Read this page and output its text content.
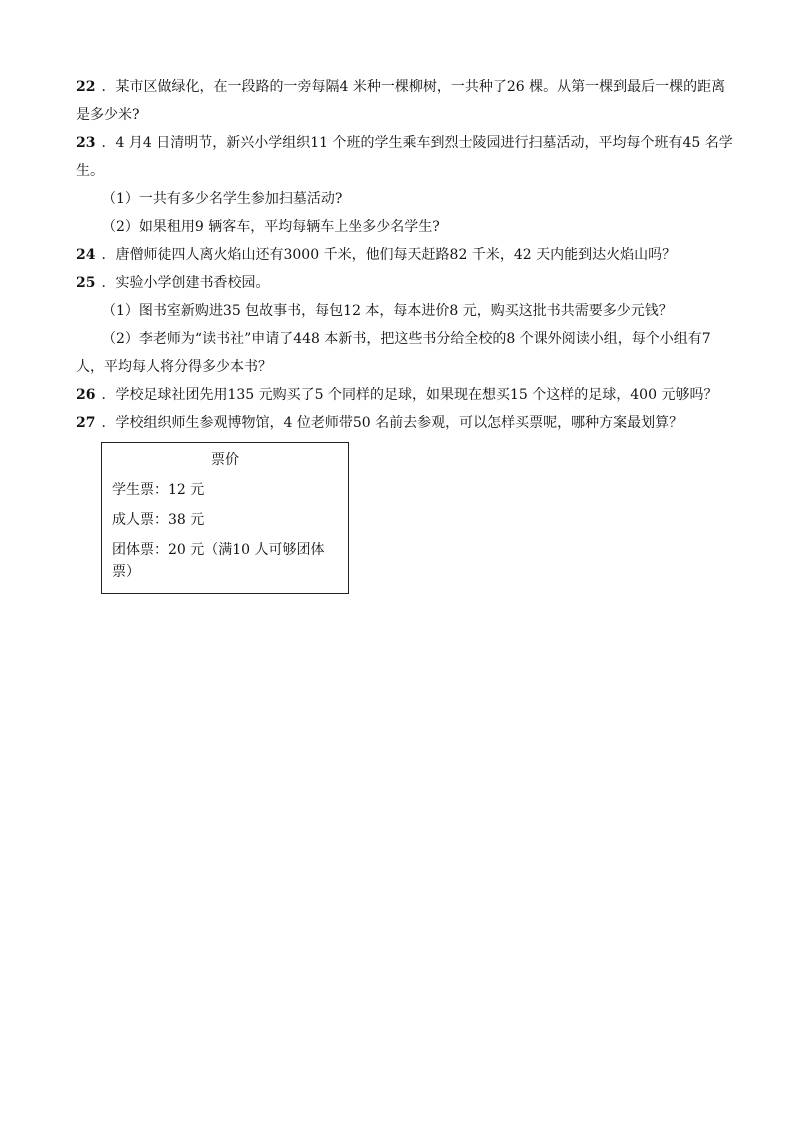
22 ．某市区做绿化，在一段路的一旁每隔4 米种一棵柳树，一共种了26 棵。从第一棵到最后一棵的距离
是多少米?
23 ．4 月4 日清明节，新兴小学组织11 个班的学生乘车到烈士陵园进行扫墓活动，平均每个班有45 名学
生。
（1）一共有多少名学生参加扫墓活动?
（2）如果租用9 辆客车，平均每辆车上坐多少名学生?
24 ．唐僧师徒四人离火焰山还有3000 千米，他们每天赶路82 千米，42 天内能到达火焰山吗？
25 ．实验小学创建书香校园。
（1）图书室新购进35 包故事书，每包12 本，每本进价8 元，购买这批书共需要多少元钱？
（2）李老师为“读书社”申请了448 本新书，把这些书分给全校的8 个课外阅读小组，每个小组有7
人，平均每人将分得多少本书？
26 ．学校足球社团先用135 元购买了5 个同样的足球，如果现在想买15 个这样的足球，400 元够吗？
27 ．学校组织师生参观博物馆，4 位老师带50 名前去参观，可以怎样买票呢，哪种方案最划算？
票价
学生票：12 元
成人票：38 元
团体票：20 元（满10 人可够团体
票）
